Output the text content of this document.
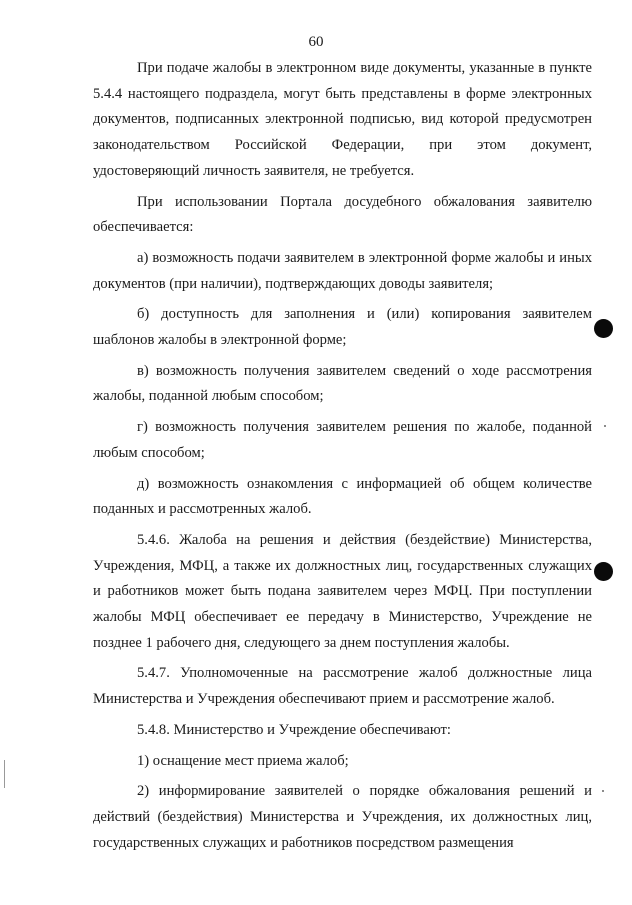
60

При подаче жалобы в электронном виде документы, указанные в пункте 5.4.4 настоящего подраздела, могут быть представлены в форме электронных документов, подписанных электронной подписью, вид которой предусмотрен законодательством Российской Федерации, при этом документ, удостоверяющий личность заявителя, не требуется.

При использовании Портала досудебного обжалования заявителю обеспечивается:

а) возможность подачи заявителем в электронной форме жалобы и иных документов (при наличии), подтверждающих доводы заявителя;

б) доступность для заполнения и (или) копирования заявителем шаблонов жалобы в электронной форме;

в) возможность получения заявителем сведений о ходе рассмотрения жалобы, поданной любым способом;

г) возможность получения заявителем решения по жалобе, поданной любым способом;

д) возможность ознакомления с информацией об общем количестве поданных и рассмотренных жалоб.

5.4.6. Жалоба на решения и действия (бездействие) Министерства, Учреждения, МФЦ, а также их должностных лиц, государственных служащих и работников может быть подана заявителем через МФЦ. При поступлении жалобы МФЦ обеспечивает ее передачу в Министерство, Учреждение не позднее 1 рабочего дня, следующего за днем поступления жалобы.

5.4.7. Уполномоченные на рассмотрение жалоб должностные лица Министерства и Учреждения обеспечивают прием и рассмотрение жалоб.

5.4.8. Министерство и Учреждение обеспечивают:

1) оснащение мест приема жалоб;

2) информирование заявителей о порядке обжалования решений и действий (бездействия) Министерства и Учреждения, их должностных лиц, государственных служащих и работников посредством размещения
